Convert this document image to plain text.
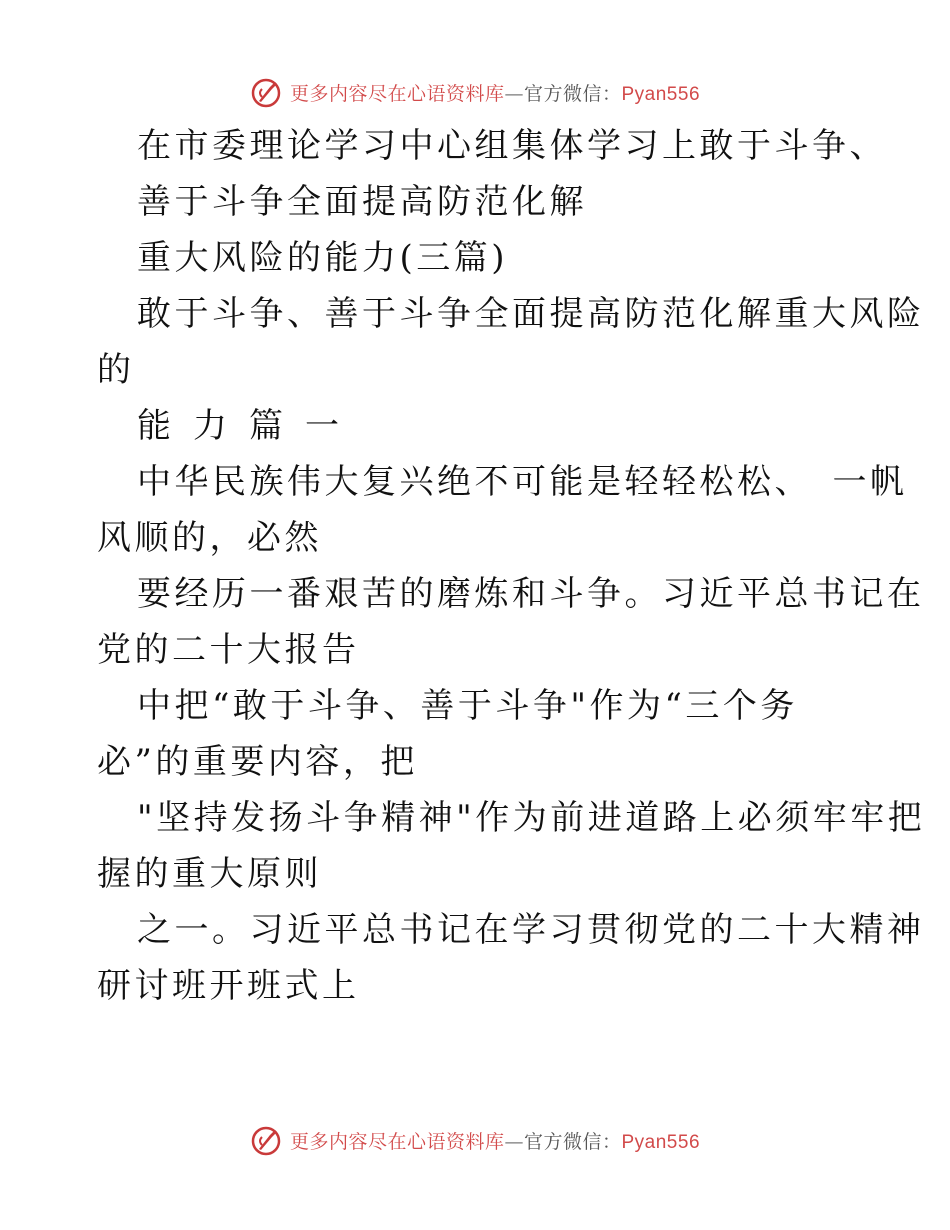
更多内容尽在心语资料库—官方微信：Pyan556
在市委理论学习中心组集体学习上敢于斗争、
善于斗争全面提高防范化解
重大风险的能力(三篇)
敢于斗争、善于斗争全面提高防范化解重大风险
的
能力篇一
中华民族伟大复兴绝不可能是轻轻松松、　一帆
风顺的，必然
要经历一番艰苦的磨炼和斗争。习近平总书记在
党的二十大报告
中把“敢于斗争、善于斗争"作为“三个务
必”的重要内容，把
"坚持发扬斗争精神"作为前进道路上必须牢牢把
握的重大原则
之一。习近平总书记在学习贯彻党的二十大精神
研讨班开班式上
更多内容尽在心语资料库—官方微信：Pyan556
